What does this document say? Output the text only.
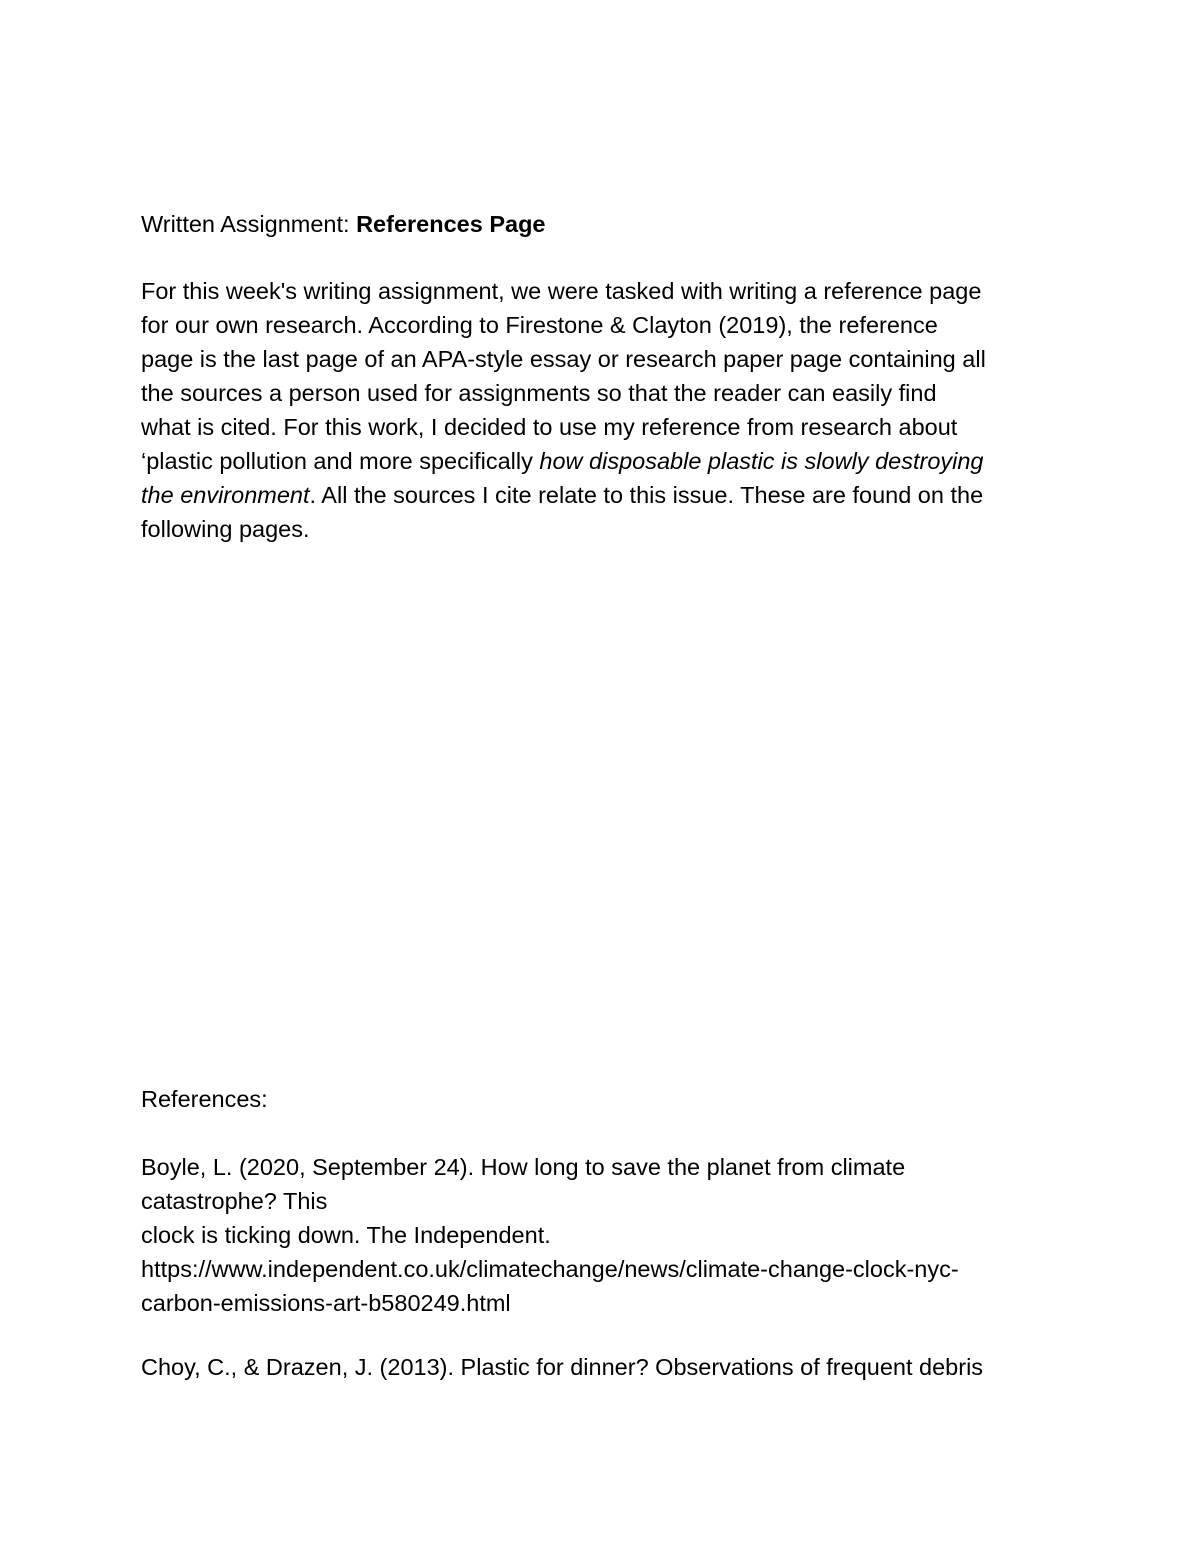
Written Assignment: References Page
For this week's writing assignment, we were tasked with writing a reference page
for our own research. According to Firestone & Clayton (2019), the reference
page is the last page of an APA-style essay or research paper page containing all
the sources a person used for assignments so that the reader can easily find
what is cited. For this work, I decided to use my reference from research about
‘plastic pollution and more specifically how disposable plastic is slowly destroying
the environment. All the sources I cite relate to this issue. These are found on the
following pages.
References:
Boyle, L. (2020, September 24). How long to save the planet from climate
catastrophe? This
clock is ticking down. The Independent.
https://www.independent.co.uk/climatechange/news/climate-change-clock-nyc-
carbon-emissions-art-b580249.html
Choy, C., & Drazen, J. (2013). Plastic for dinner? Observations of frequent debris
